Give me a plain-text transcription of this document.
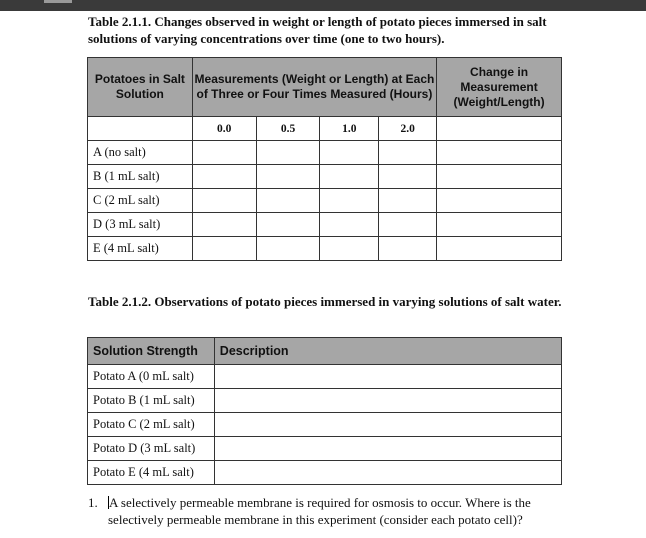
Table 2.1.1. Changes observed in weight or length of potato pieces immersed in salt solutions of varying concentrations over time (one to two hours).
Potatoes in Salt Solution	Measurements (Weight or Length) at Each of Three or Four Times Measured (Hours)				Change in Measurement (Weight/Length)
	0.0	0.5	1.0	2.0	
A (no salt)					
B (1 mL salt)					
C (2 mL salt)					
D (3 mL salt)					
E (4 mL salt)					
Table 2.1.2. Observations of potato pieces immersed in varying solutions of salt water.
Solution Strength	Description
Potato A (0 mL salt)	
Potato B (1 mL salt)	
Potato C (2 mL salt)	
Potato D (3 mL salt)	
Potato E (4 mL salt)	
1. A selectively permeable membrane is required for osmosis to occur. Where is the selectively permeable membrane in this experiment (consider each potato cell)?
